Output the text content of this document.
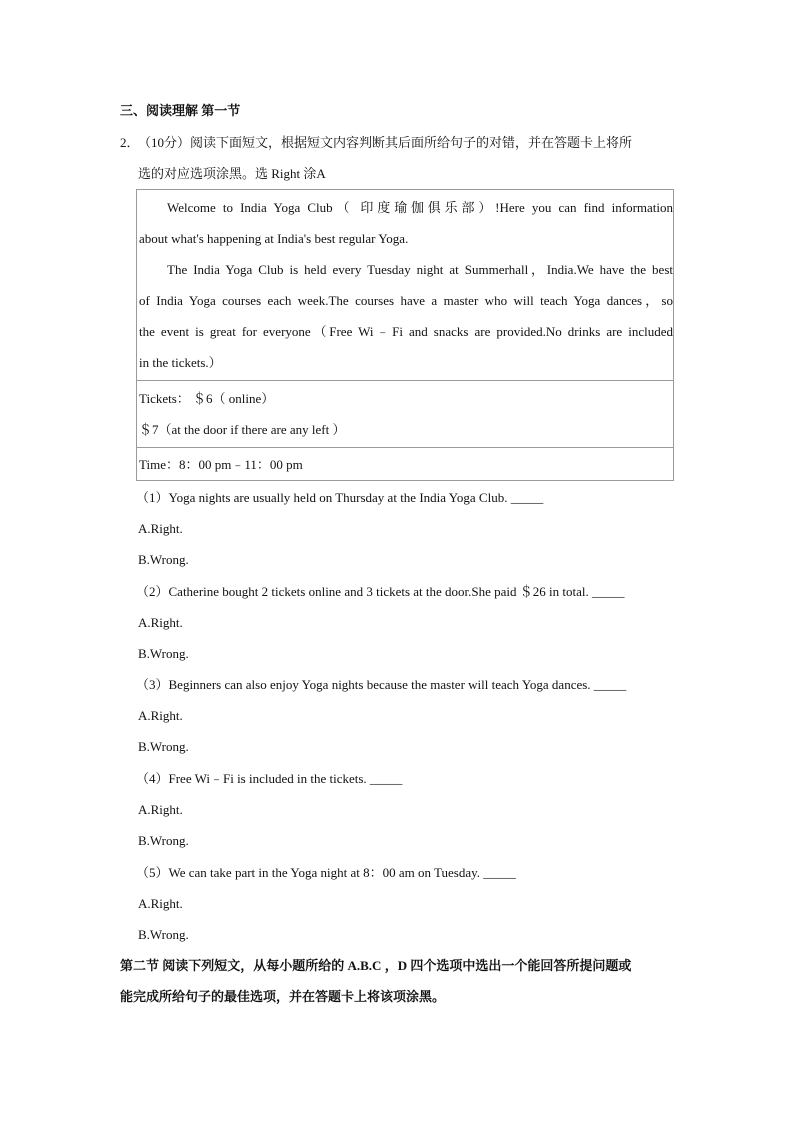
三、阅读理解 第一节
2．
（10分）阅读下面短文，根据短文内容判断其后面所给句子的对错，并在答题卡上将所
选的对应选项涂黑。选 Right 涂A
Welcome to India Yoga Club（ 印度瑜伽俱乐部）!Here you can find information
about what's happening at India's best regular Yoga.
The India Yoga Club is held every Tuesday night at Summerhall，India.We have the best
of India Yoga courses each week.The courses have a master who will teach Yoga dances，so
the event is great for everyone（Free Wi﹣Fi and snacks are provided.No drinks are included
in the tickets.）
Tickets： ＄6（ online）
＄7（at the door if there are any left ）
Time：8：00 pm﹣11：00 pm
（1）Yoga nights are usually held on Thursday at the India Yoga Club. _____
A.Right.
B.Wrong.
（2）Catherine bought 2 tickets online and 3 tickets at the door.She paid ＄26 in total. _____
A.Right.
B.Wrong.
（3）Beginners can also enjoy Yoga nights because the master will teach Yoga dances. _____
A.Right.
B.Wrong.
（4）Free Wi﹣Fi is included in the tickets. _____
A.Right.
B.Wrong.
（5）We can take part in the Yoga night at 8：00 am on Tuesday. _____
A.Right.
B.Wrong.
第二节 阅读下列短文，从每小题所给的 A.B.C ，D 四个选项中选出一个能回答所提问题或
能完成所给句子的最佳选项，并在答题卡上将该项涂黑。
